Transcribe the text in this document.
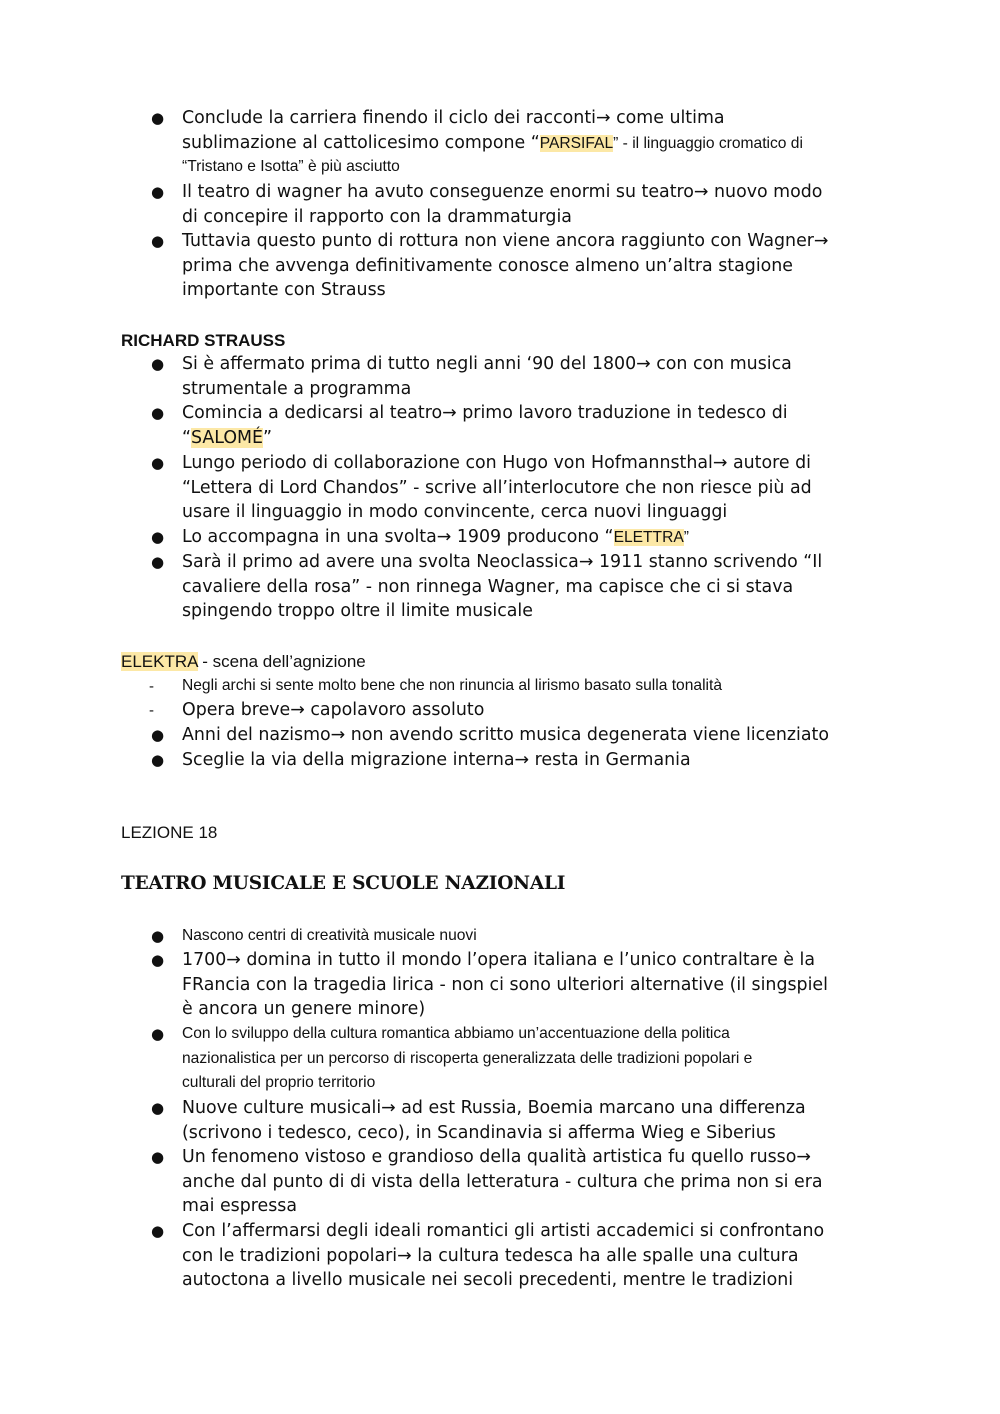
● Conclude la carriera finendo il ciclo dei racconti→ come ultima
sublimazione al cattolicesimo compone “PARSIFAL” - il linguaggio cromatico di
“Tristano e Isotta” è più asciutto
● Il teatro di wagner ha avuto conseguenze enormi su teatro→ nuovo modo
di concepire il rapporto con la drammaturgia
● Tuttavia questo punto di rottura non viene ancora raggiunto con Wagner→
prima che avvenga definitivamente conosce almeno un’altra stagione
importante con Strauss
RICHARD STRAUSS
● Si è affermato prima di tutto negli anni ‘90 del 1800→ con con musica
strumentale a programma
● Comincia a dedicarsi al teatro→ primo lavoro traduzione in tedesco di
“SALOMÉ”
● Lungo periodo di collaborazione con Hugo von Hofmannsthal→ autore di
“Lettera di Lord Chandos” - scrive all’interlocutore che non riesce più ad
usare il linguaggio in modo convincente, cerca nuovi linguaggi
● Lo accompagna in una svolta→ 1909 producono “ELETTRA”
● Sarà il primo ad avere una svolta Neoclassica→ 1911 stanno scrivendo “Il
cavaliere della rosa” - non rinnega Wagner, ma capisce che ci si stava
spingendo troppo oltre il limite musicale
ELEKTRA - scena dell’agnizione
-	Negli archi si sente molto bene che non rinuncia al lirismo basato sulla tonalità
-	Opera breve→ capolavoro assoluto
● Anni del nazismo→ non avendo scritto musica degenerata viene licenziato
● Sceglie la via della migrazione interna→ resta in Germania
LEZIONE 18
TEATRO MUSICALE E SCUOLE NAZIONALI
● Nascono centri di creatività musicale nuovi
● 1700→ domina in tutto il mondo l’opera italiana e l’unico contraltare è la
FRancia con la tragedia lirica - non ci sono ulteriori alternative (il singspiel
è ancora un genere minore)
● Con lo sviluppo della cultura romantica abbiamo un’accentuazione della politica
nazionalistica per un percorso di riscoperta generalizzata delle tradizioni popolari e
culturali del proprio territorio
● Nuove culture musicali→ ad est Russia, Boemia marcano una differenza
(scrivono i tedesco, ceco), in Scandinavia si afferma Wieg e Siberius
● Un fenomeno vistoso e grandioso della qualità artistica fu quello russo→
anche dal punto di di vista della letteratura - cultura che prima non si era
mai espressa
● Con l’affermarsi degli ideali romantici gli artisti accademici si confrontano
con le tradizioni popolari→ la cultura tedesca ha alle spalle una cultura
autoctona a livello musicale nei secoli precedenti, mentre le tradizioni
